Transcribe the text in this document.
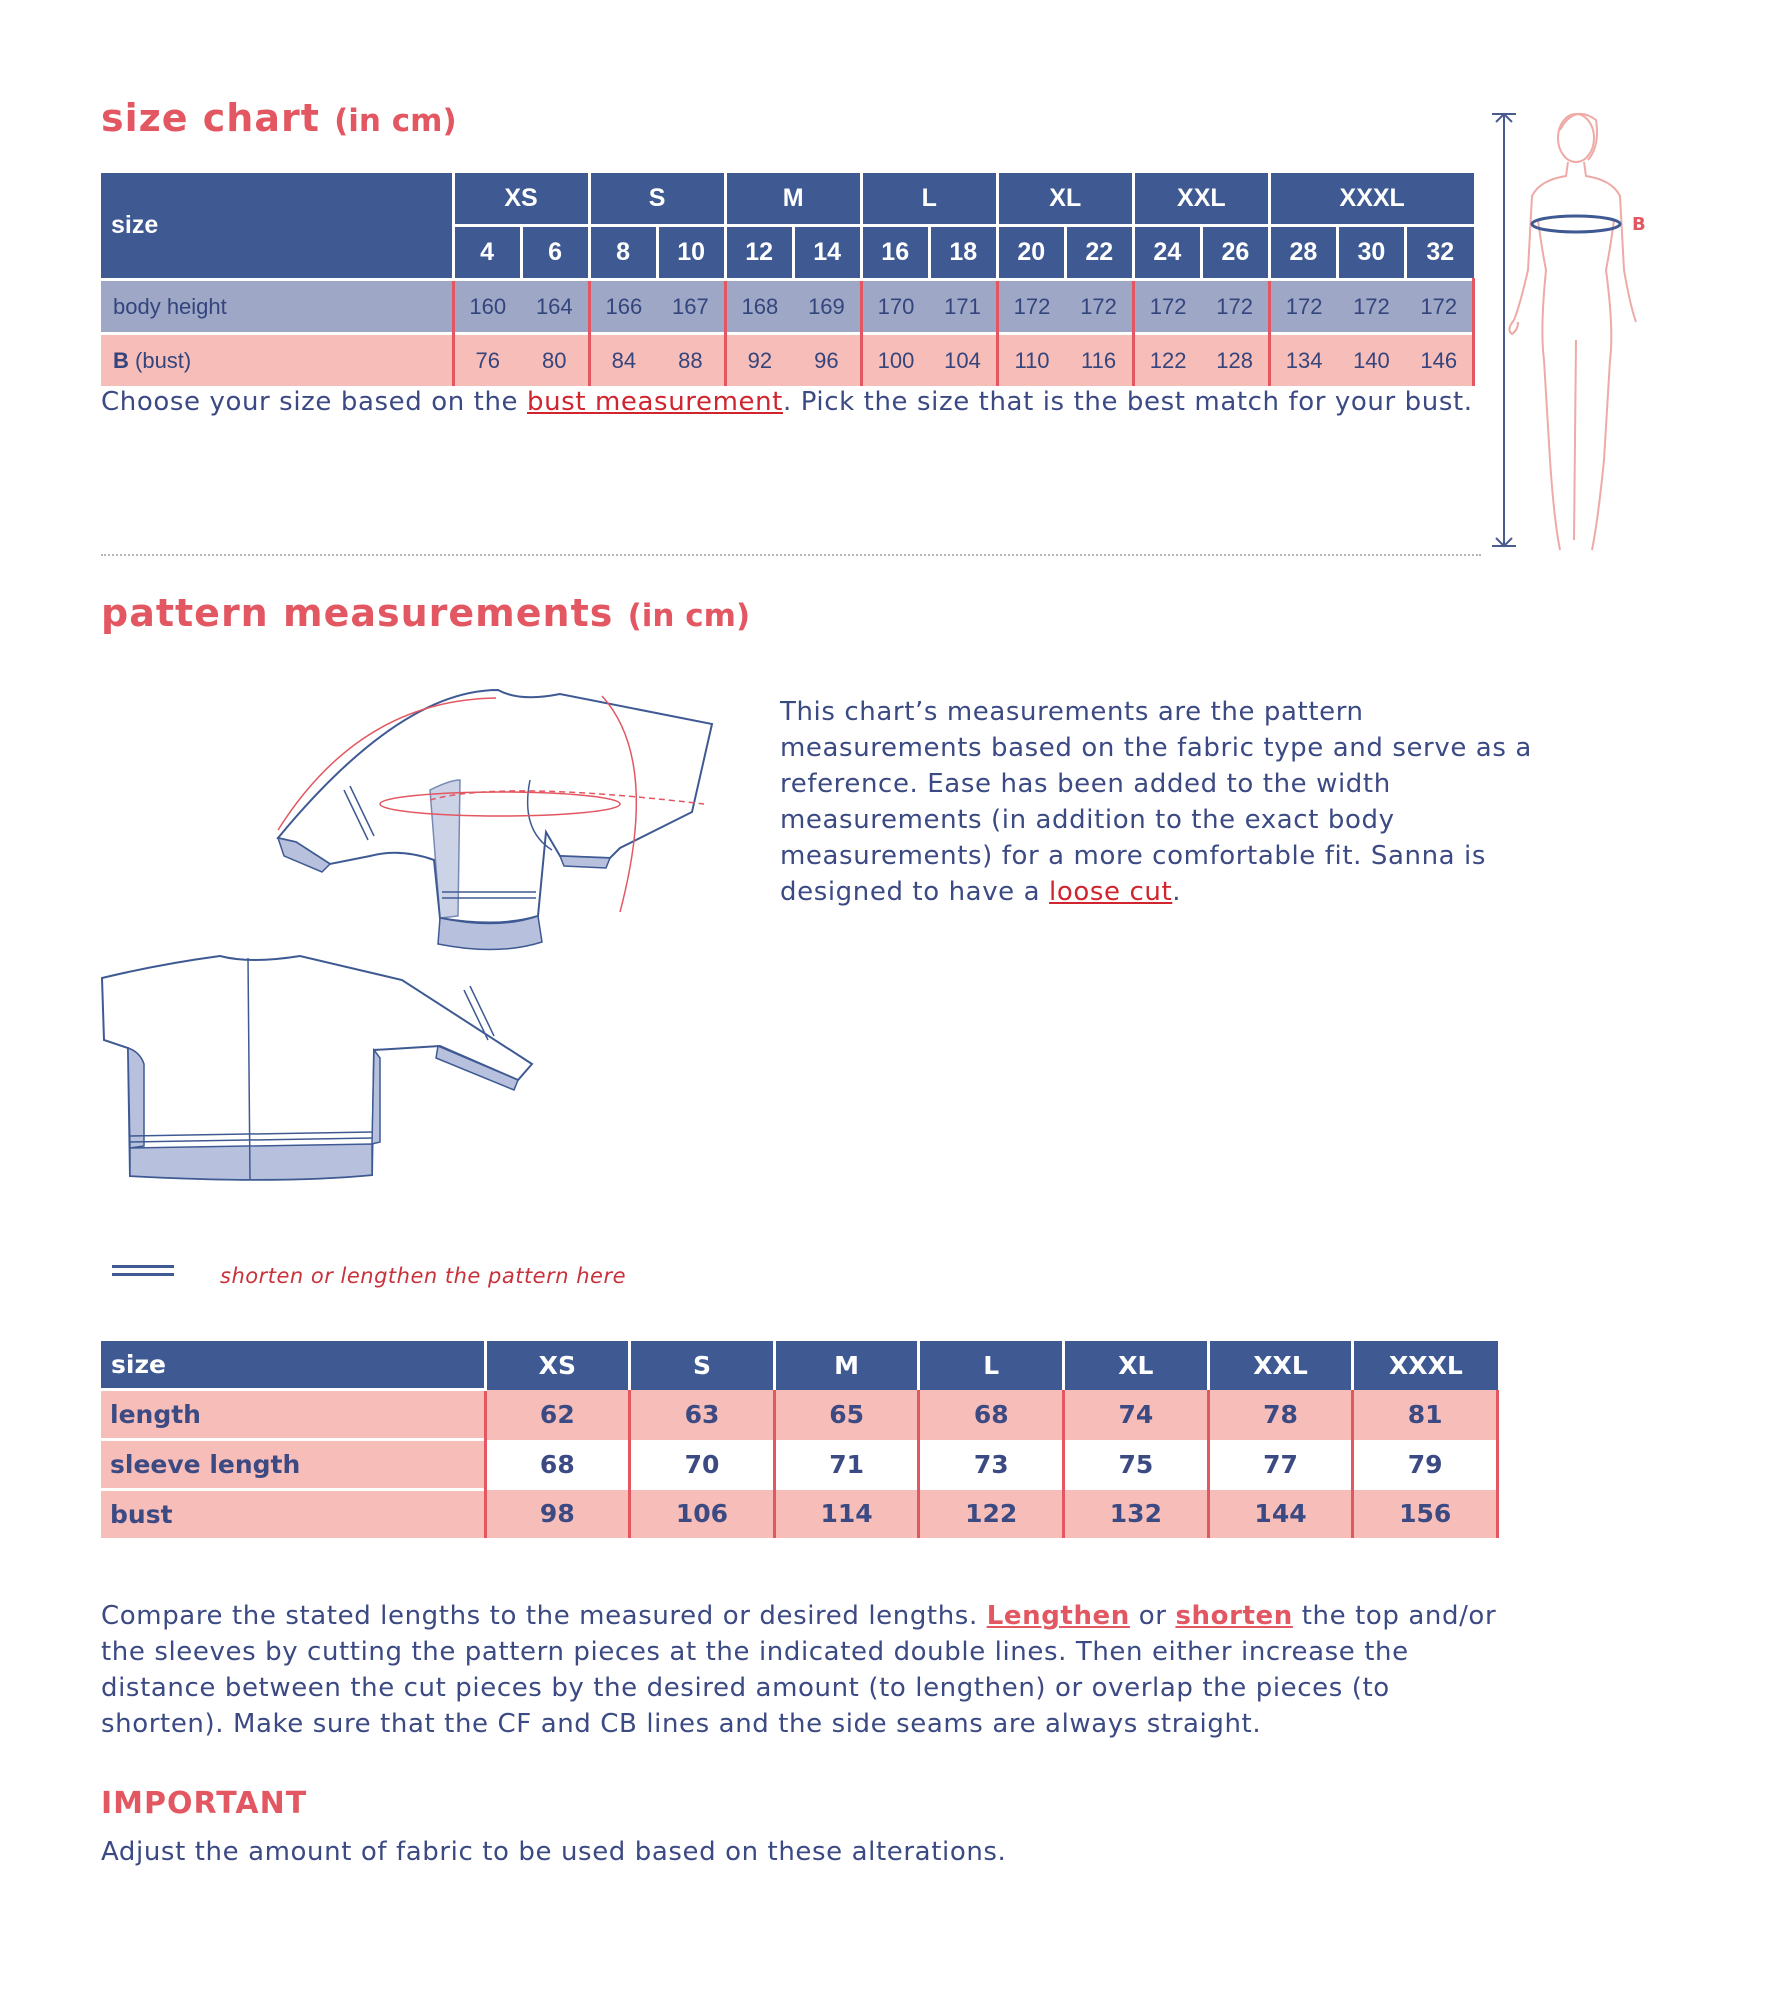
size chart (in cm)
size	XS		S		M		L		XL		XXL		XXXL		
	4	6	8	10	12	14	16	18	20	22	24	26	28	30	32
body height	160	164	166	167	168	169	170	171	172	172	172	172	172	172	172
B (bust)	76	80	84	88	92	96	100	104	110	116	122	128	134	140	146
Choose your size based on the bust measurement. Pick the size that is the best match for your bust.
B
pattern measurements (in cm)
This chart’s measurements are the pattern measurements based on the fabric type and serve as a reference. Ease has been added to the width measurements (in addition to the exact body measurements) for a more comfortable fit. Sanna is designed to have a loose cut.
shorten or lengthen the pattern here
size	XS	S	M	L	XL	XXL	XXXL
length	62	63	65	68	74	78	81
sleeve length	68	70	71	73	75	77	79
bust	98	106	114	122	132	144	156
Compare the stated lengths to the measured or desired lengths. Lengthen or shorten the top and/or the sleeves by cutting the pattern pieces at the indicated double lines. Then either increase the distance between the cut pieces by the desired amount (to lengthen) or overlap the pieces (to shorten). Make sure that the CF and CB lines and the side seams are always straight.
IMPORTANT
Adjust the amount of fabric to be used based on these alterations.
